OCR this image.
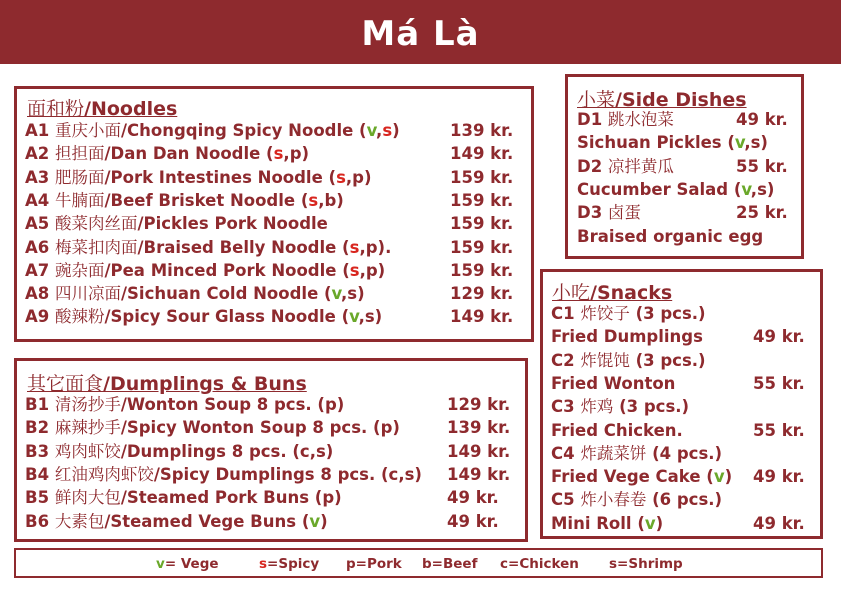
Má Là
面和粉/Noodles
A1 重庆小面/Chongqing Spicy Noodle (v,s)	139 kr.
A2 担担面/Dan Dan Noodle (s,p)	149 kr.
A3 肥肠面/Pork Intestines Noodle (s,p)	159 kr.
A4 牛腩面/Beef Brisket Noodle (s,b)	159 kr.
A5 酸菜肉丝面/Pickles Pork Noodle	159 kr.
A6 梅菜扣肉面/Braised Belly Noodle (s,p).	159 kr.
A7 豌杂面/Pea Minced Pork Noodle (s,p)	159 kr.
A8 四川凉面/Sichuan Cold Noodle (v,s)	129 kr.
A9 酸辣粉/Spicy Sour Glass Noodle (v,s)	149 kr.
其它面食/Dumplings & Buns
B1 清汤抄手/Wonton Soup 8 pcs. (p)	129 kr.
B2 麻辣抄手/Spicy Wonton Soup 8 pcs. (p)	139 kr.
B3 鸡肉虾饺/Dumplings 8 pcs. (c,s)	149 kr.
B4 红油鸡肉虾饺/Spicy Dumplings 8 pcs. (c,s) 149 kr.
B5 鲜肉大包/Steamed Pork Buns (p)	49 kr.
B6 大素包/Steamed Vege Buns (v)	49 kr.
小菜/Side Dishes
D1 跳水泡菜	49 kr.
Sichuan Pickles (v,s)
D2 凉拌黄瓜	55 kr.
Cucumber Salad (v,s)
D3 卤蛋	25 kr.
Braised organic egg
小吃/Snacks
C1 炸饺子 (3 pcs.)
Fried Dumplings	49 kr.
C2 炸馄饨 (3 pcs.)
Fried Wonton	55 kr.
C3 炸鸡 (3 pcs.)
Fried Chicken.	55 kr.
C4 炸蔬菜饼 (4 pcs.)
Fried Vege Cake (v) 49 kr.
C5 炸小春卷 (6 pcs.)
Mini Roll (v)	49 kr.
v= Vege	s=Spicy p=Pork b=Beef c=Chicken s=Shrimp
